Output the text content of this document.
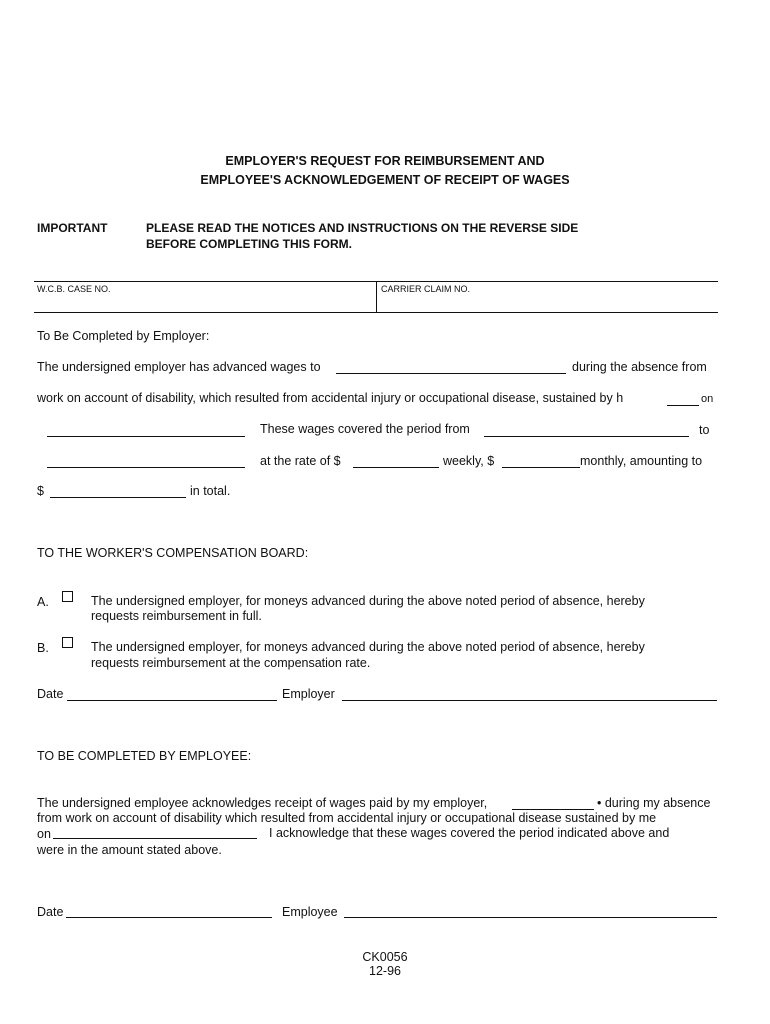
EMPLOYER'S REQUEST FOR REIMBURSEMENT AND
EMPLOYEE'S ACKNOWLEDGEMENT OF RECEIPT OF WAGES
IMPORTANT	PLEASE READ THE NOTICES AND INSTRUCTIONS ON THE REVERSE SIDE
BEFORE COMPLETING THIS FORM.
W.C.B. CASE NO.	CARRIER CLAIM NO.
To Be Completed by Employer:
The undersigned employer has advanced wages to	during the absence from
work on account of disability, which resulted from accidental injury or occupational disease, sustained by h	on
These wages covered the period from	to
at the rate of $	weekly, $	monthly, amounting to
$	in total.
TO THE WORKER'S COMPENSATION BOARD:
A.	The undersigned employer, for moneys advanced during the above noted period of absence, hereby
requests reimbursement in full.
B.	The undersigned employer, for moneys advanced during the above noted period of absence, hereby
requests reimbursement at the compensation rate.
Date	Employer
TO BE COMPLETED BY EMPLOYEE:
The undersigned employee acknowledges receipt of wages paid by my employer,	• during my absence
from work on account of disability which resulted from accidental injury or occupational disease sustained by me
on	I acknowledge that these wages covered the period indicated above and
were in the amount stated above.
Date	Employee
CK0056
12-96
